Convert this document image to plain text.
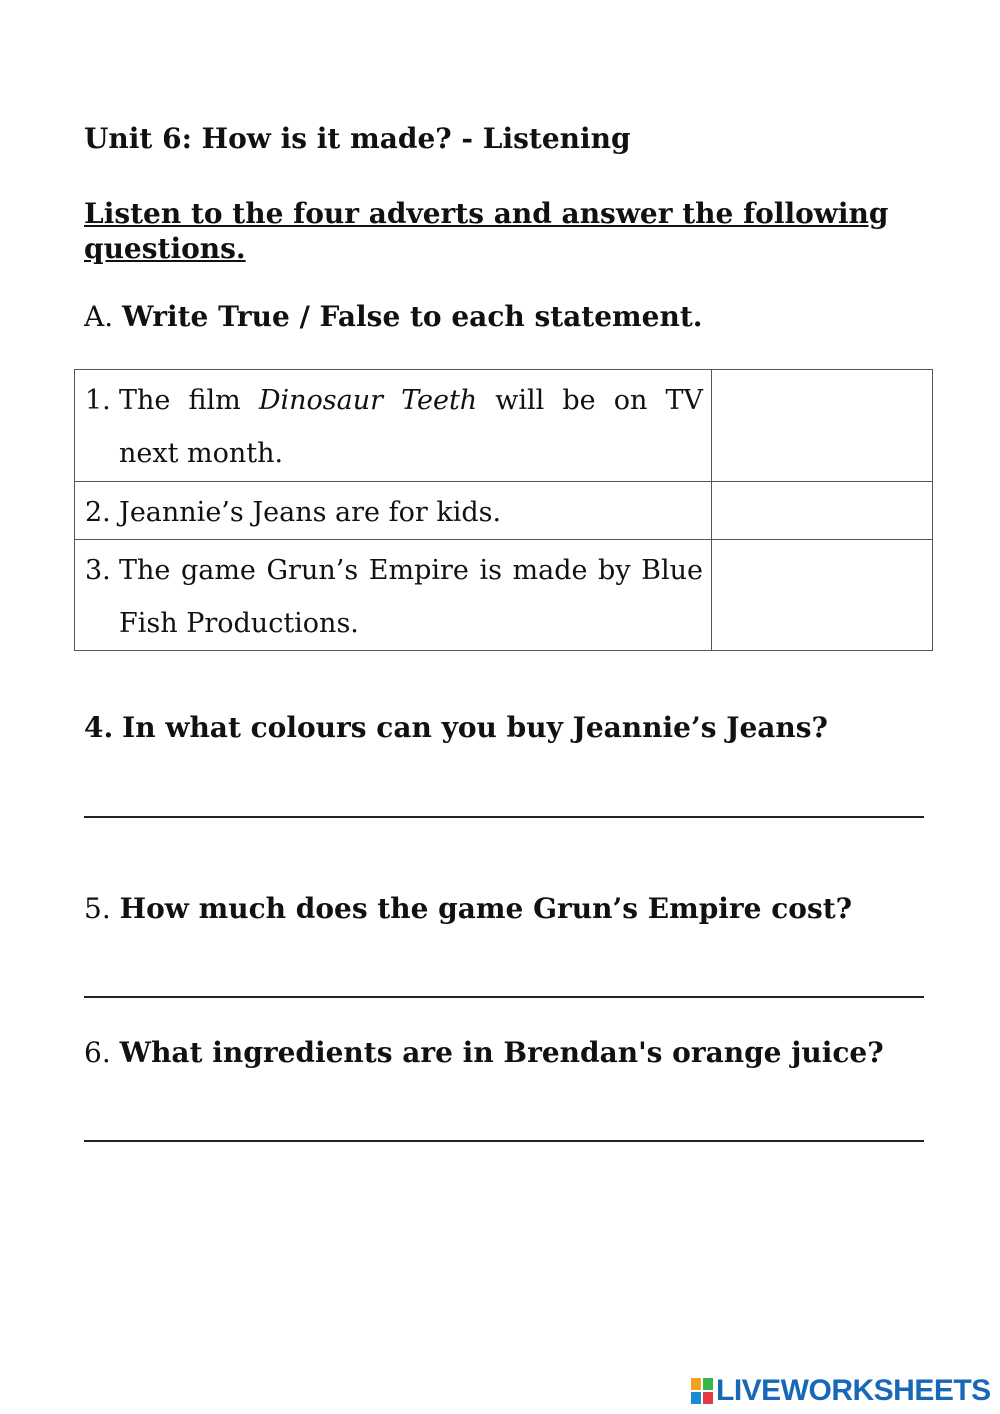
Unit 6: How is it made? - Listening
Listen to the four adverts and answer the following questions.
A. Write True / False to each statement.
1. The film Dinosaur Teeth will be on TV next month.

2. Jeannie’s Jeans are for kids.

3. The game Grun’s Empire is made by Blue Fish Productions.

4. In what colours can you buy Jeannie’s Jeans?
5. How much does the game Grun’s Empire cost?
6. What ingredients are in Brendan's orange juice?
LIVEWORKSHEETS
